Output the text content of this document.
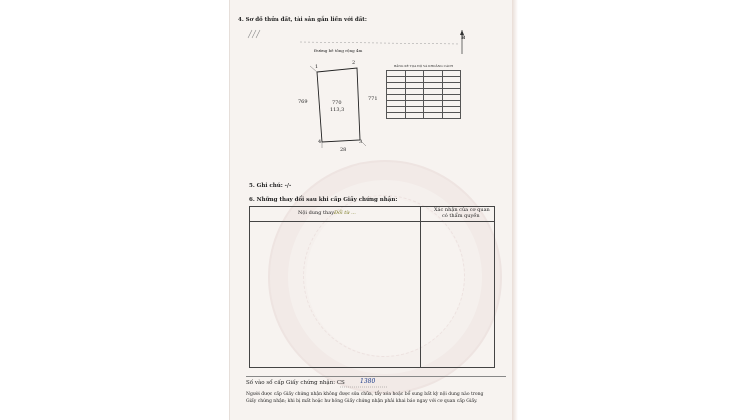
4. Sơ đồ thửa đất, tài sản gắn liền với đất:
Đường bê tông rộng 4m
B
1
2
3
4
770
113,3
769	771
28
BẢNG KÊ TỌA ĐỘ VÀ KHOẢNG CÁCH

5. Ghi chú: -/-
6. Những thay đổi sau khi cấp Giấy chứng nhận:
Nội dung thay Đổi từ ...	Xác nhận của cơ quan
có thẩm quyền
Số vào sổ cấp Giấy chứng nhận: CS	1380
Người được cấp Giấy chứng nhận không được sửa chữa, tẩy xóa hoặc bổ sung bất kỳ nội dung nào trong
Giấy chứng nhận; khi bị mất hoặc hư hỏng Giấy chứng nhận phải khai báo ngay với cơ quan cấp Giấy.
